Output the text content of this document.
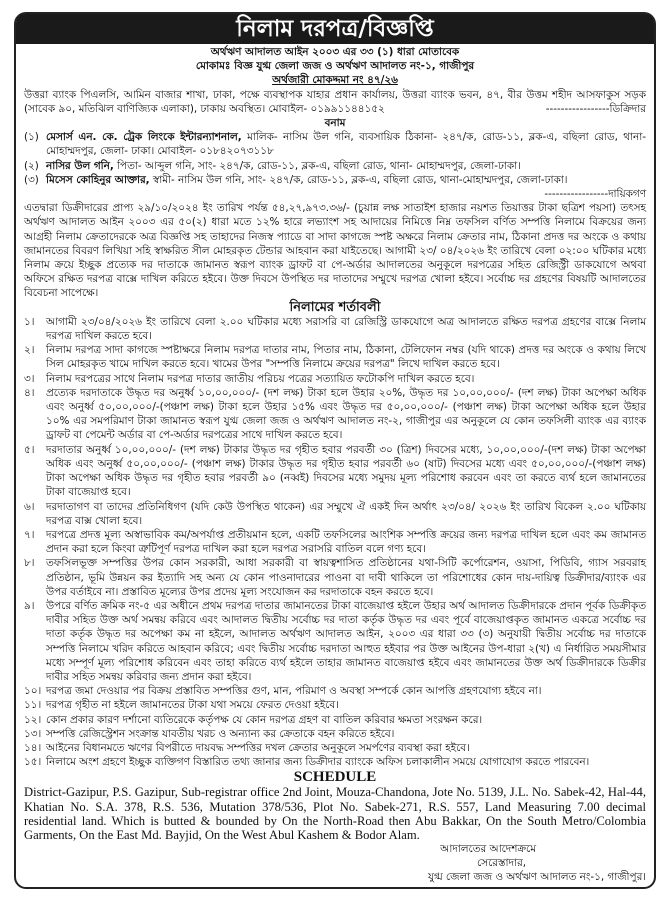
নিলাম দরপত্র/বিজ্ঞপ্তি
অর্থঋণ আদালত আইন ২০০৩ এর ৩৩ (১) ধারা মোতাবেক
মোকামঃ বিজ্ঞ যুগ্ম জেলা জজ ও অর্থঋণ আদালত নং-১, গাজীপুর
অর্থজারী মোকদ্দমা নং ৪৭/২৬
উত্তরা ব্যাংক পিএলসি, আমিন বাজার শাখা, ঢাকা, পক্ষে ব্যবস্থাপক যাহার প্রধান কার্যালয়, উত্তরা ব্যাংক ভবন, ৪৭, বীর উত্তম শহীদ আসফাকুস সড়ক (সাবেক ৯০, মতিঝিল বাণিজ্যিক এলাকা), ঢাকায় অবস্থিত। মোবাইল- ০১৯৯১১৪৪১৫২	-----------------ডিক্রিদার
বনাম
(১) মেসার্স এন. কে. ট্রেক লিংকে ইন্টারন্যাশনাল, মালিক- নাসিম উল গনি, ব্যবসায়িক ঠিকানা- ২৪৭/ক, রোড-১১, ব্লক-এ, বছিলা রোড, থানা- মোহাম্মদপুর, জেলা- ঢাকা। মোবাইল- ০১৮৪২০৭৩১১৮
(২) নাসির উল গনি, পিতা- আব্দুল গনি, সাং- ২৪৭/ক, রোড-১১, ব্লক-এ, বছিলা রোড, থানা- মোহাম্মদপুর, জেলা-ঢাকা।
(৩) মিসেস কোহিনুর আক্তার, স্বামী- নাসিম উল গনি, সাং- ২৪৭/ক, রোড-১১, ব্লক-এ, বছিলা রোড, থানা-মোহাম্মদপুর, জেলা-ঢাকা।
-----------------দায়িকগণ
এতদ্বারা ডিক্রীদারের প্রাপ্য ২৯/১০/২০২৪ ইং তারিখ পর্যন্ত ৫৪,২৭,৯৭৩.৩৬/- (চুয়ান্ন লক্ষ সাতাইশ হাজার নয়শত তিয়াত্তর টাকা ছত্রিশ পয়সা) তৎসহ অর্থঋণ আদালত আইন ২০০৩ এর ৫০(২) ধারা মতে ১২% হারে লভ্যাংশ সহ আদায়ের নিমিত্তে নিম্ন তফসিল বর্ণিত সম্পত্তি নিলামে বিক্রয়ের জন্য আগ্রহী নিলাম ক্রেতাদেরকে অত্র বিজ্ঞপ্তি সহ তাহাদের নিজস্ব প্যাডে বা সাদা কাগজে স্পষ্ট অক্ষরে নিলাম ক্রেতার নাম, ঠিকানা প্রদত্ত দর অংকে ও কথায় জামানতের বিবরণ লিখিয়া সহি স্বাক্ষরিত সীল মোহরকৃত টেন্ডার আহবান করা যাইতেছে। আগামী ২৩/ ০৪/২০২৬ ইং তারিখে বেলা ০২:০০ ঘটিকার মধ্যে নিলাম ক্রয়ে ইচ্ছুক প্রত্যেক দর দাতাকে জামানত স্বরূপ ব্যাংক ড্রাফট বা পে-অর্ডার আদালতের অনুকূলে দরপত্রের সহিত রেজিস্ট্রী ডাকযোগে অথবা অফিসে রক্ষিত দরপত্র বাক্সে দাখিল করিতে হইবে। উক্ত দিবসে উপস্থিত দর দাতাদের সম্মুখে দরপত্র খোলা হইবে। সর্বোচ্চ দর গ্রহণের বিষয়টি আদালতের বিবেচনা সাপেক্ষে।
নিলামের শর্তাবলী
১।	আগামী ২৩/০৪/২০২৬ ইং তারিখে বেলা ২.০০ ঘটিকার মধ্যে সরাসরি বা রেজিস্ট্রি ডাকযোগে অত্র আদালতে রক্ষিত দরপত্র গ্রহণের বাক্সে নিলাম দরপত্র দাখিল করতে হবে।
২।	নিলাম দরপত্র সাদা কাগজে স্পষ্টাক্ষরে নিলাম দরপত্র দাতার নাম, পিতার নাম, ঠিকানা, টেলিফোন নম্বর (যদি থাকে) প্রদত্ত দর অংকে ও কথায় লিখে সিল মোহরকৃত খামে দাখিল করতে হবে। খামের উপর "সম্পত্তি নিলামে ক্রয়ের দরপত্র" লিখে দাখিল করতে হবে।
৩।	নিলাম দরপত্রের সাথে নিলাম দরপত্র দাতার জাতীয় পরিচয় পত্রের সত্যায়িত ফটোকপি দাখিল করতে হবে।
৪।	প্রত্যেক দরদাতাকে উদ্ধৃত দর অনুর্ধ্ব ১০,০০,০০০/- (দশ লক্ষ) টাকা হলে উহার ২০%, উদ্ধৃত দর ১০,০০,০০০/- (দশ লক্ষ) টাকা অপেক্ষা অধিক এবং অনুর্ধ্ব ৫০,০০,০০০/-(পঞ্চাশ লক্ষ) টাকা হলে উহার ১৫% এবং উদ্ধৃত দর ৫০,০০,০০০/- (পঞ্চাশ লক্ষ) টাকা অপেক্ষা অধিক হলে উহার ১০% এর সমপরিমাণ টাকা জামানত স্বরূপ যুগ্ম জেলা জজ ও অর্থঋণ আদালত নং-২, গাজীপুর এর অনুকূলে যে কোন তফসিলী ব্যাংক এর ব্যাংক ড্রাফট বা পেমেন্ট অর্ডার বা পে-অর্ডার দরপত্রের সাথে দাখিল করতে হবে।
৫।	দরদাতার অনুর্ধ্ব ১০,০০,০০০/- (দশ লক্ষ) টাকার উদ্ধৃত দর গৃহীত হবার পরবর্তী ৩০ (ত্রিশ) দিবসের মধ্যে, ১০,০০,০০০/-(দশ লক্ষ) টাকা অপেক্ষা অধিক এবং অনুর্ধ্ব ৫০,০০,০০০/- (পঞ্চাশ লক্ষ) টাকার উদ্ধৃত দর গৃহীত হবার পরবর্তী ৬০ (ষাট) দিবসের মধ্যে এবং ৫০,০০,০০০/-(পঞ্চাশ লক্ষ) টাকা অপেক্ষা অধিক উদ্ধৃত দর গৃহীত হবার পরবর্তী ৯০ (নব্বই) দিবসের মধ্যে সমুদয় মূল্য পরিশোধ করবেন এবং তা করতে ব্যর্থ হলে জামানতের টাকা বাজেয়াপ্ত হবে।
৬।	দরদাতাগণ বা তাদের প্রতিনিধিগণ (যদি কেউ উপস্থিত থাকেন) এর সম্মুখে ঐ একই দিন অর্থাৎ ২৩/০৪/ ২০২৬ ইং তারিখ বিকেল ২.০০ ঘটিকায় দরপত্র বাক্স খোলা হবে।
৭।	দরপত্রে প্রদত্ত মূল্য অস্বাভাবিক কম/অপর্যাপ্ত প্রতীয়মান হলে, একটি তফসিলের আংশিক সম্পত্তি ক্রয়ের জন্য দরপত্র দাখিল হলে এবং কম জামানত প্রদান করা হলে কিংবা ত্রুটিপূর্ণ দরপত্র দাখিল করা হলে দরপত্র সরাসরি বাতিল বলে গণ্য হবে।
৮।	তফসিলভূক্ত সম্পত্তির উপর কোন সরকারী, আধা সরকারী বা স্বায়ত্বশাসিত প্রতিষ্ঠানের যথা-সিটি কর্পোরেশন, ওয়াসা, পিডিবি, গ্যাস সরবরাহ প্রতিষ্ঠান, ভূমি উন্নয়ন কর ইত্যাদি সহ অন্য যে কোন পাওনাদারের পাওনা বা দাবী থাকিলে তা পরিশোধের কোন দায়-দায়িত্ব ডিক্রীদার/ব্যাংক এর উপর বর্তাইবে না। প্রস্তাবিত মূল্যের উপর প্রদেয় মূল্য সংযোজন কর দরদাতাকে বহন করতে হবে।
৯।	উপরে বর্ণিত ক্রমিক নং-৫ এর অধীনে প্রথম দরপত্র দাতার জামানতের টাকা বাজেয়াপ্ত হইলে উহার অর্থ আদালত ডিক্রীদারকে প্রদান পূর্বক ডিক্রীকৃত দাবীর সহিত উক্ত অর্থ সমন্বয় করিবে এবং আদালত দ্বিতীয় সর্বোচ্চ দর দাতা কর্তৃক উদ্ধৃত দর এবং পূর্বে বাজেয়াপ্তকৃত জামানত একত্রে সর্বোচ্চ দর দাতা কর্তৃক উদ্ধৃত দর অপেক্ষা কম না হইলে, আদালত অর্থঋণ আদালত আইন, ২০০৩ এর ধারা ৩৩ (৩) অনুযায়ী দ্বিতীয় সর্বোচ্চ দর দাতাকে সম্পত্তি নিলামে খরিদ করিতে আহবান করিবে; এবং দ্বিতীয় সর্বোচ্চ দরদাতা আহুত হইবার পর উক্ত আইনের উপ-ধারা ২(খ) এ নির্ধারিত সময়সীমার মধ্যে সম্পূর্ণ মূল্য পরিশোধ করিবেন এবং তাহা করিতে ব্যর্থ হইলে তাহার জামানত বাজেয়াপ্ত হইবে এবং জামানতের উক্ত অর্থ ডিক্রীদারকে ডিক্রীর দাবীর সহিত সমন্বয় করিবার জন্য প্রদান করা হইবে।
১০। দরপত্র জমা দেওয়ার পর বিক্রয় প্রস্তাবিত সম্পত্তির গুণ, মান, পরিমাণ ও অবস্থা সম্পর্কে কোন আপত্তি গ্রহণযোগ্য হইবে না।
১১। দরপত্র গৃহীত না হইলে জামানতের টাকা যথা সময়ে ফেরত দেওয়া হইবে।
১২। কোন প্রকার কারণ দর্শানো ব্যতিরেকে কর্তৃপক্ষ যে কোন দরপত্র গ্রহণ বা বাতিল করিবার ক্ষমতা সংরক্ষন করে।
১৩। সম্পত্তি রেজিস্ট্রেশন সংক্রান্ত যাবতীয় খরচ ও অন্যান্য কর ক্রেতাকে বহন করিতে হইবে।
১৪। আইনের বিধানমতে ঋণের বিপরীতে দায়বদ্ধ সম্পত্তির দখল ক্রেতার অনুকূলে সমর্পণের ব্যবস্থা করা হইবে।
১৫। নিলামে অংশ গ্রহণে ইচ্ছুক ব্যক্তিগণ বিস্তারিত তথ্য জানার জন্য ডিক্রীদার ব্যাংকে অফিস চলাকালীন সময়ে যোগাযোগ করতে পারবেন।
SCHEDULE
District-Gazipur, P.S. Gazipur, Sub-registrar office 2nd Joint, Mouza-Chandona, Jote No. 5139, J.L. No. Sabek-42, Hal-44, Khatian No. S.A. 378, R.S. 536, Mutation 378/536, Plot No. Sabek-271, R.S. 557, Land Measuring 7.00 decimal residential land. Which is butted & bounded by On the North-Road then Abu Bakkar, On the South Metro/Colombia Garments, On the East Md. Bayjid, On the West Abul Kashem & Bodor Alam.
আদালতের আদেশক্রমে
সেরেস্তাদার,
যুগ্ম জেলা জজ ও অর্থঋণ আদালত নং-১, গাজীপুর।
